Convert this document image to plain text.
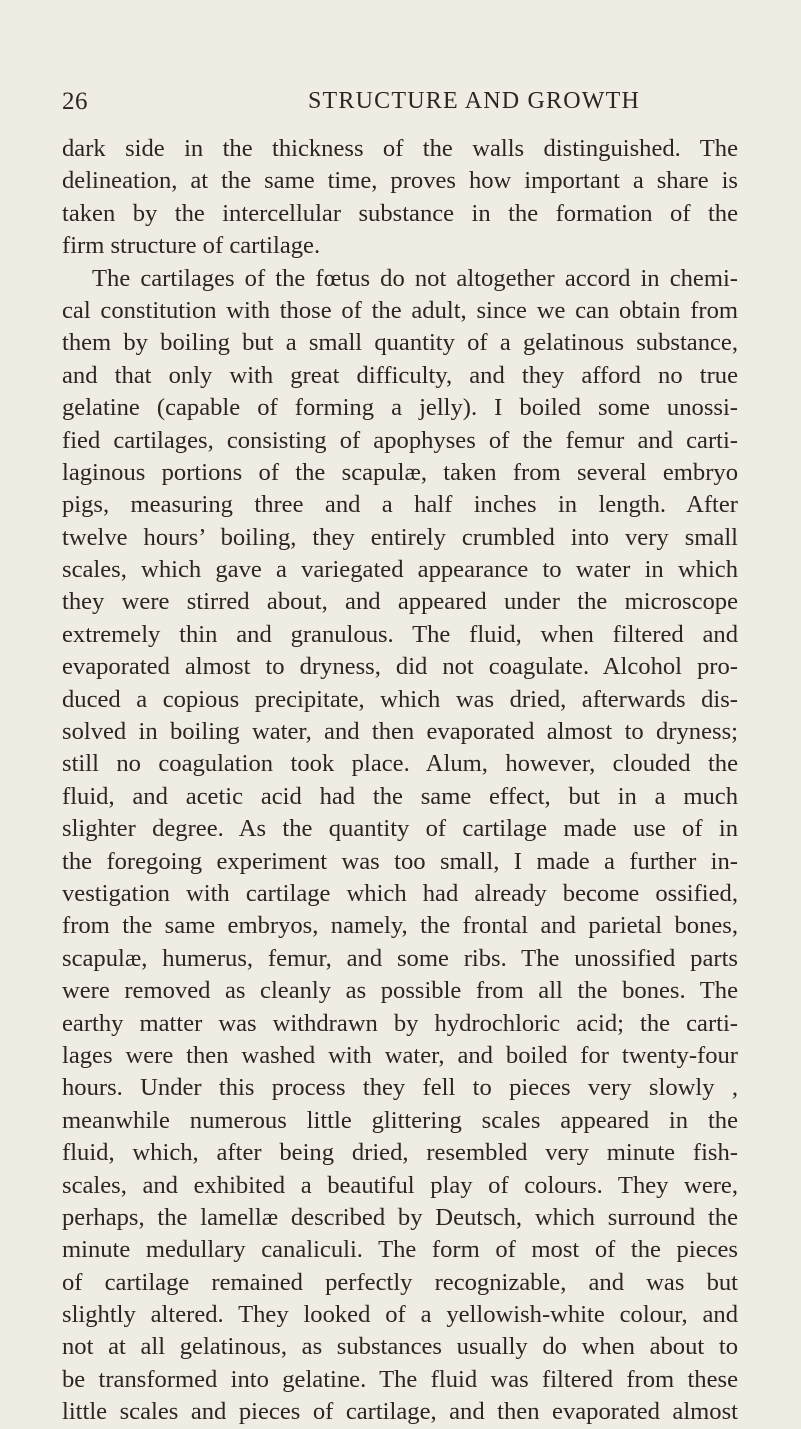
26	STRUCTURE AND GROWTH
dark side in the thickness of the walls distinguished. The
delineation, at the same time, proves how important a share is
taken by the intercellular substance in the formation of the
firm structure of cartilage.
The cartilages of the fœtus do not altogether accord in chemi-
cal constitution with those of the adult, since we can obtain from
them by boiling but a small quantity of a gelatinous substance,
and that only with great difficulty, and they afford no true
gelatine (capable of forming a jelly). I boiled some unossi-
fied cartilages, consisting of apophyses of the femur and carti-
laginous portions of the scapulæ, taken from several embryo
pigs, measuring three and a half inches in length. After
twelve hours’ boiling, they entirely crumbled into very small
scales, which gave a variegated appearance to water in which
they were stirred about, and appeared under the microscope
extremely thin and granulous. The fluid, when filtered and
evaporated almost to dryness, did not coagulate. Alcohol pro-
duced a copious precipitate, which was dried, afterwards dis-
solved in boiling water, and then evaporated almost to dryness;
still no coagulation took place. Alum, however, clouded the
fluid, and acetic acid had the same effect, but in a much
slighter degree. As the quantity of cartilage made use of in
the foregoing experiment was too small, I made a further in-
vestigation with cartilage which had already become ossified,
from the same embryos, namely, the frontal and parietal bones,
scapulæ, humerus, femur, and some ribs. The unossified parts
were removed as cleanly as possible from all the bones. The
earthy matter was withdrawn by hydrochloric acid; the carti-
lages were then washed with water, and boiled for twenty-four
hours. Under this process they fell to pieces very slowly ,
meanwhile numerous little glittering scales appeared in the
fluid, which, after being dried, resembled very minute fish-
scales, and exhibited a beautiful play of colours. They were,
perhaps, the lamellæ described by Deutsch, which surround the
minute medullary canaliculi. The form of most of the pieces
of cartilage remained perfectly recognizable, and was but
slightly altered. They looked of a yellowish-white colour, and
not at all gelatinous, as substances usually do when about to
be transformed into gelatine. The fluid was filtered from these
little scales and pieces of cartilage, and then evaporated almost
